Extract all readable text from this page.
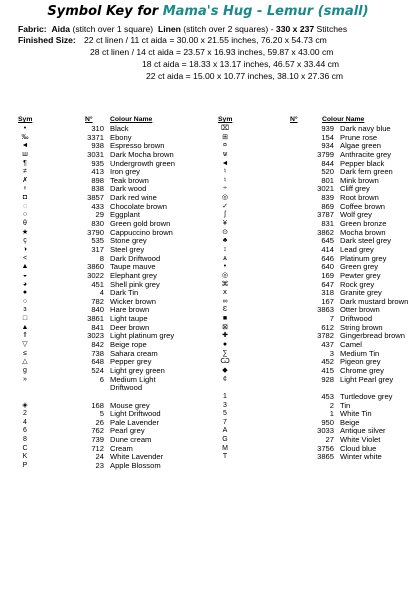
Symbol Key for Mama's Hug - Lemur (small)
Fabric: Aida (stitch over 1 square) Linen (stitch over 2 squares) - 330 x 237 Stitches
Finished Size: 22 ct linen / 11 ct aida = 30.00 x 21.55 inches, 76.20 x 54.73 cm
28 ct linen / 14 ct aida = 23.57 x 16.93 inches, 59.87 x 43.00 cm
18 ct aida = 18.33 x 13.17 inches, 46.57 x 33.44 cm
22 ct aida = 15.00 x 10.77 inches, 38.10 x 27.36 cm
Sym	N°	Colour Name	Sym	N°	Colour Name
•	310 Black
‰	3371 Ebony
◄	938 Espresso brown
ш	3031 Dark Mocha brown
¶	935 Undergrowth green
≠	413 Iron grey
✗	898 Teak brown
♀	838 Dark wood
◘	3857 Dark red wine
◌	433 Chocolate brown
○	29 Eggplant
θ	830 Green gold brown
★	3790 Cappuccino brown
ç	535 Stone grey
◑	317 Steel grey
<	8 Dark Driftwood
▲	3860 Taupe mauve
◒	3022 Elephant grey
◕	451 Shell pink grey
●	4 Dark Tin
○	782 Wicker brown
ɜ	840 Hare brown
□	3861 Light taupe
▲	841 Deer brown
⇑	3023 Light platinum grey
▽	842 Beige rope
≤	738 Sahara cream
△	648 Pepper grey
g	524 Light grey green
»	6 Medium Light Driftwood
◈	168 Mouse grey
2	5 Light Driftwood
4	26 Pale Lavender
6	762 Pearl grey
8	739 Dune cream
C	712 Cream
K	24 White Lavender
P	23 Apple Blossom
⌧	939 Dark navy blue
⊞	154 Prune rose
¤	934 Algae green
ѡ	3799 Anthracite grey
◄	844 Pepper black
♮	520 Dark fern green
♮	801 Mink brown
÷	3021 Cliff grey
◎	839 Root brown
✓	869 Coffee brown
ʃ	3787 Wolf grey
¥	831 Green bronze
⊙	3862 Mocha brown
♣	645 Dark steel grey
↕	414 Lead grey
ѧ	646 Platinum grey
•	640 Green grey
◎	169 Pewter grey
⌘	647 Rock grey
ⅹ	318 Granite grey
∞	167 Dark mustard brown
Ɛ	3863 Otter brown
■	7 Driftwood
⊠	612 String brown
✚	3782 Gingerbread brown
●	437 Camel
∑	3 Medium Tin
Ѡ	452 Pigeon grey
◆	415 Chrome grey
¢	928 Light Pearl grey
1	453 Turtledove grey
3	2 Tin
5	1 White Tin
7	950 Beige
A	3033 Antique silver
G	27 White Violet
M	3756 Cloud blue
T	3865 Winter white
